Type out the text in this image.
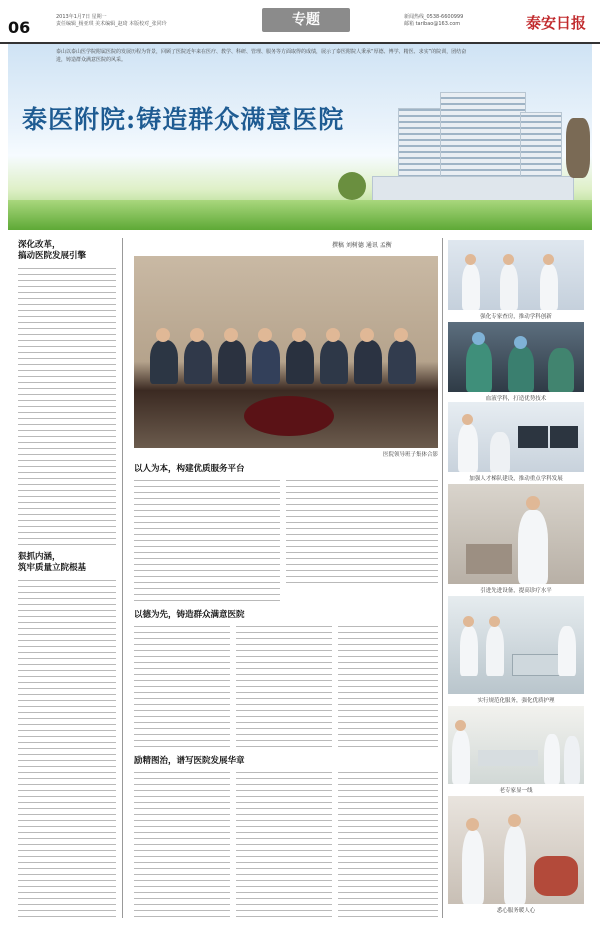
06
2013年1月7日 星期一
责任编辑_杨亚琪 美术编辑_赵琦 本版校对_张同玲	专题	新闻热线_0538-6600999
邮箱 taribao@163.com	泰安日报
泰山以泰山医学院附属医院的发展历程为背景，回顾了医院近年来在医疗、教学、科研、管理、服务等方面取得的成绩，展示了泰医附院人秉承“厚德、博学、精医、求实”的院训，团结奋进，铸造群众满意医院的风采。
泰医附院:铸造群众满意医院
撰稿 刘树德 通讯 孟衡
深化改革，
搞动医院发展引擎
狠抓内涵，
筑牢质量立院根基
医院领导班子集体合影
以人为本，构建优质服务平台
以德为先，铸造群众满意医院
励精图治，谱写医院发展华章
强化专家查房，推动学科创新
血液学科，打造优势技术
加强人才梯队建设，推动重点学科发展
引进先进设备，提高诊疗水平
实行规范化服务，强化优质护理
老专家显一线
悉心服务暖人心
